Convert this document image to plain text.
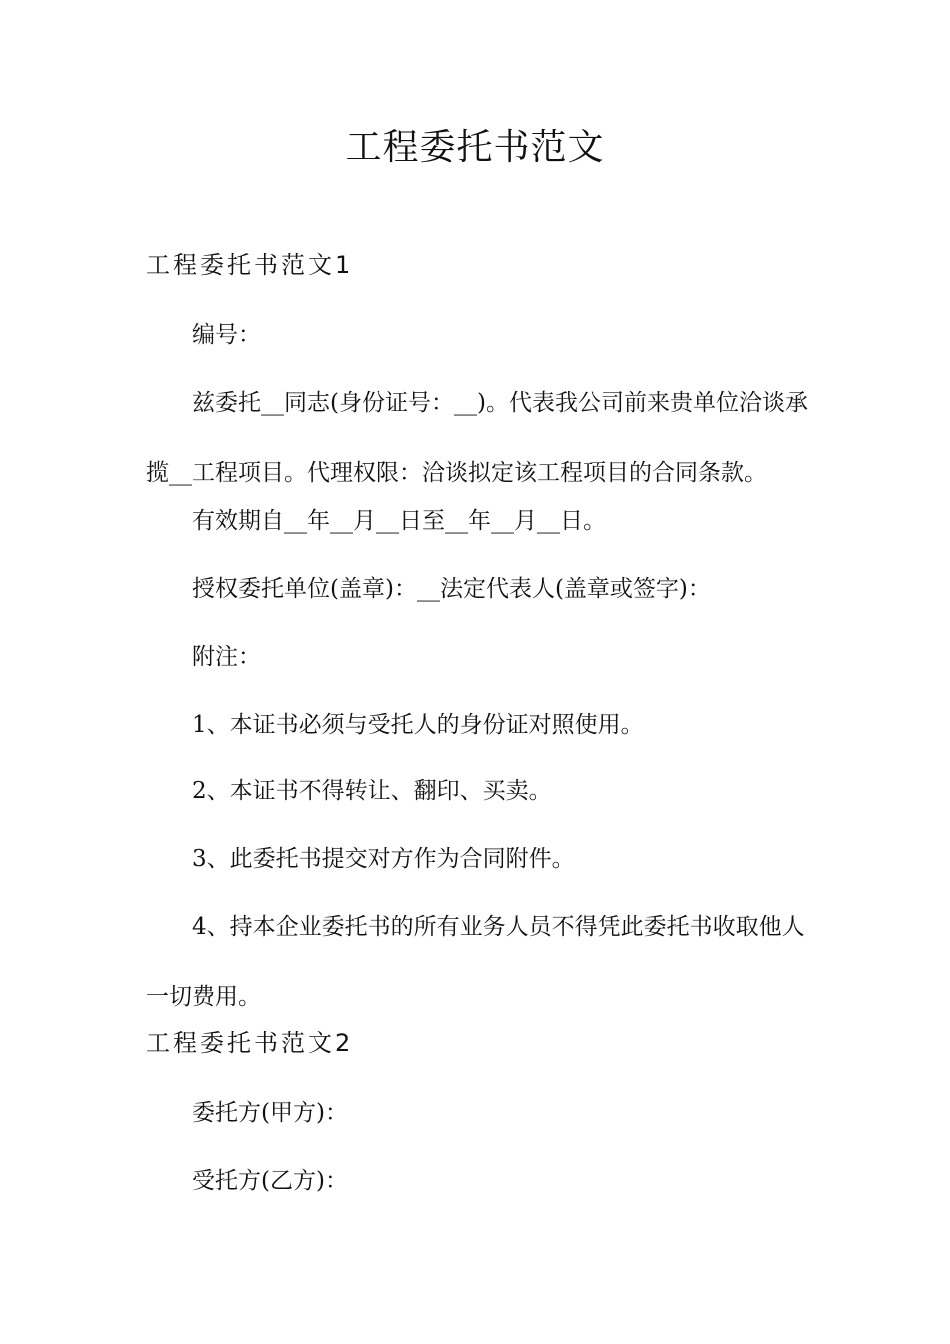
工程委托书范文
工程委托书范文1

编号：

兹委托__同志(身份证号：__)。代表我公司前来贵单位洽谈承揽__工程项目。代理权限：洽谈拟定该工程项目的合同条款。

有效期自__年__月__日至__年__月__日。

授权委托单位(盖章)：__法定代表人(盖章或签字)：

附注：

1、本证书必须与受托人的身份证对照使用。

2、本证书不得转让、翻印、买卖。

3、此委托书提交对方作为合同附件。

4、持本企业委托书的所有业务人员不得凭此委托书收取他人一切费用。

工程委托书范文2

委托方(甲方)：

受托方(乙方)：
